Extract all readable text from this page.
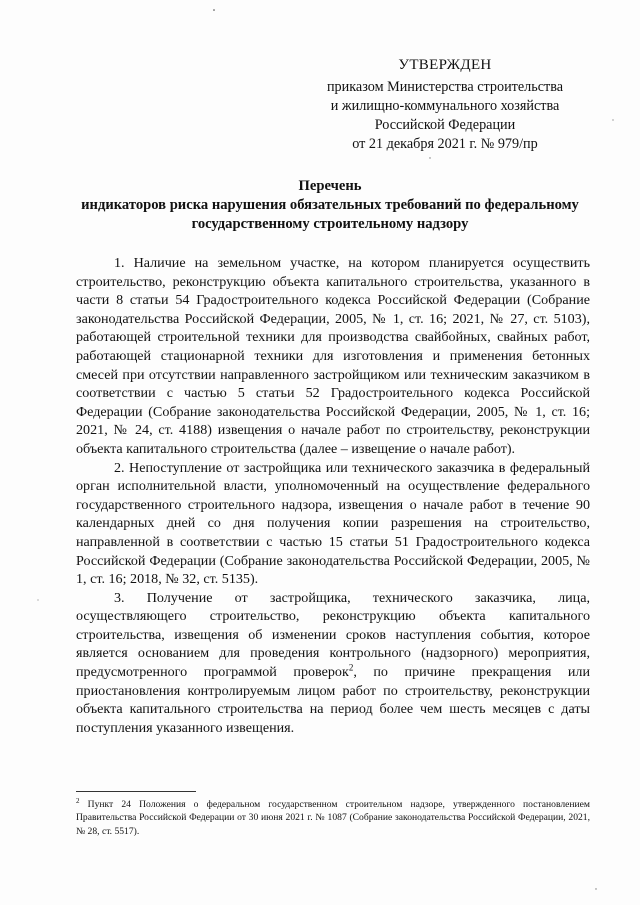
УТВЕРЖДЕН
приказом Министерства строительства
и жилищно-коммунального хозяйства
Российской Федерации
от 21 декабря 2021 г. № 979/пр
Перечень
индикаторов риска нарушения обязательных требований по федеральному
государственному строительному надзору

1. Наличие на земельном участке, на котором планируется осуществить строительство, реконструкцию объекта капитального строительства, указанного в части 8 статьи 54 Градостроительного кодекса Российской Федерации (Собрание законодательства Российской Федерации, 2005, № 1, ст. 16; 2021, № 27, ст. 5103), работающей строительной техники для производства свайбойных, свайных работ, работающей стационарной техники для изготовления и применения бетонных смесей при отсутствии направленного застройщиком или техническим заказчиком в соответствии с частью 5 статьи 52 Градостроительного кодекса Российской Федерации (Собрание законодательства Российской Федерации, 2005, № 1, ст. 16; 2021, № 24, ст. 4188) извещения о начале работ по строительству, реконструкции объекта капитального строительства (далее – извещение о начале работ).

2. Непоступление от застройщика или технического заказчика в федеральный орган исполнительной власти, уполномоченный на осуществление федерального государственного строительного надзора, извещения о начале работ в течение 90 календарных дней со дня получения копии разрешения на строительство, направленной в соответствии с частью 15 статьи 51 Градостроительного кодекса Российской Федерации (Собрание законодательства Российской Федерации, 2005, № 1, ст. 16; 2018, № 32, ст. 5135).

3. Получение от застройщика, технического заказчика, лица, осуществляющего строительство, реконструкцию объекта капитального строительства, извещения об изменении сроков наступления события, которое является основанием для проведения контрольного (надзорного) мероприятия, предусмотренного программой проверок$^2$, по причине прекращения или приостановления контролируемым лицом работ по строительству, реконструкции объекта капитального строительства на период более чем шесть месяцев с даты поступления указанного извещения.

$^2$ Пункт 24 Положения о федеральном государственном строительном надзоре, утвержденного постановлением Правительства Российской Федерации от 30 июня 2021 г. № 1087 (Собрание законодательства Российской Федерации, 2021, № 28, ст. 5517).
